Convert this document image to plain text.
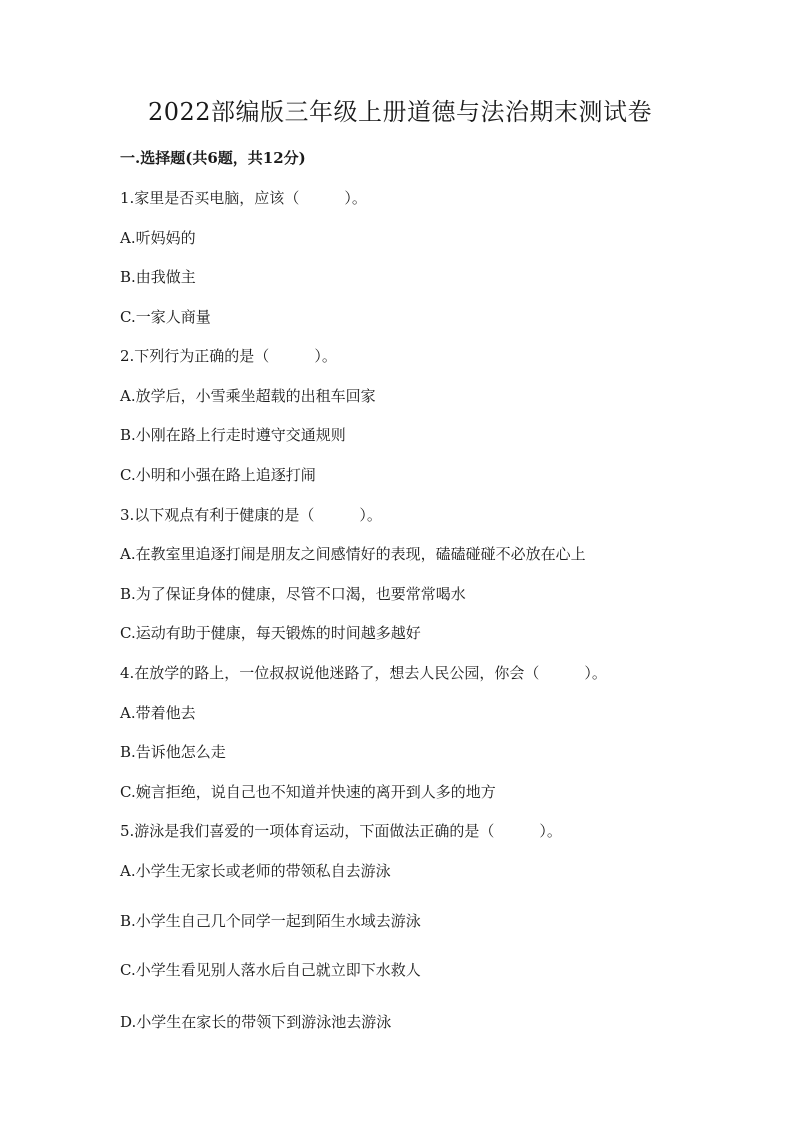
2022部编版三年级上册道德与法治期末测试卷
一.选择题(共6题，共12分)
1.家里是否买电脑，应该（　　　）。
A.听妈妈的
B.由我做主
C.一家人商量
2.下列行为正确的是（　　　）。
A.放学后，小雪乘坐超载的出租车回家
B.小刚在路上行走时遵守交通规则
C.小明和小强在路上追逐打闹
3.以下观点有利于健康的是（　　　）。
A.在教室里追逐打闹是朋友之间感情好的表现，磕磕碰碰不必放在心上
B.为了保证身体的健康，尽管不口渴，也要常常喝水
C.运动有助于健康，每天锻炼的时间越多越好
4.在放学的路上，一位叔叔说他迷路了，想去人民公园，你会（　　　）。
A.带着他去
B.告诉他怎么走
C.婉言拒绝，说自己也不知道并快速的离开到人多的地方
5.游泳是我们喜爱的一项体育运动，下面做法正确的是（　　　）。
A.小学生无家长或老师的带领私自去游泳
B.小学生自己几个同学一起到陌生水域去游泳
C.小学生看见别人落水后自己就立即下水救人
D.小学生在家长的带领下到游泳池去游泳
